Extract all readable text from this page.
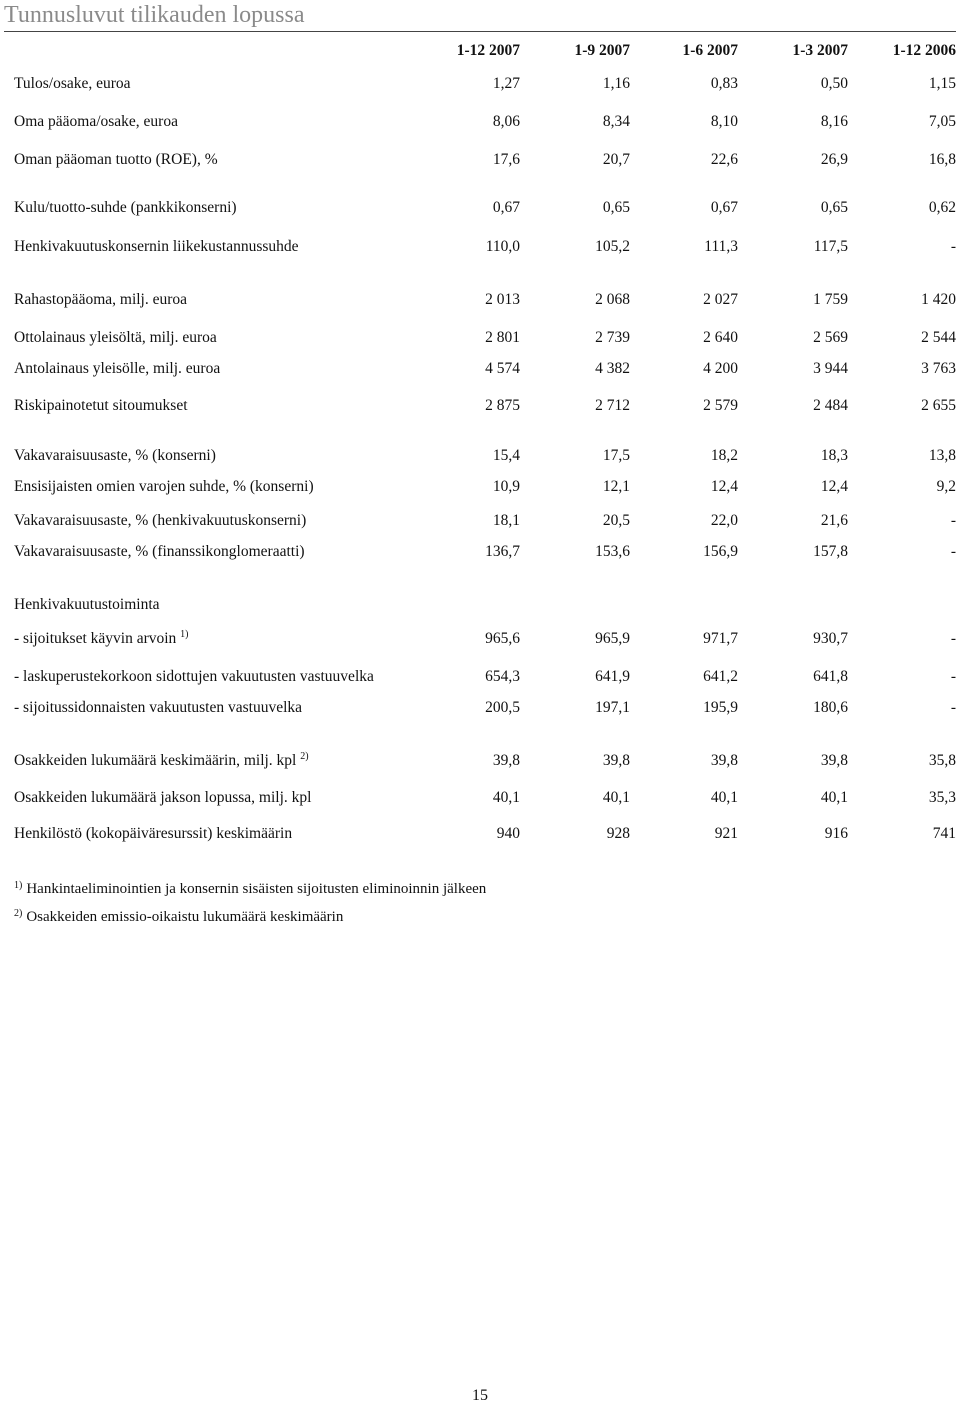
Tunnusluvut tilikauden lopussa
1-12 2007	1-9 2007	1-6 2007	1-3 2007	1-12 2006
Tulos/osake, euroa	1,27	1,16	0,83	0,50	1,15
Oma pääoma/osake, euroa	8,06	8,34	8,10	8,16	7,05
Oman pääoman tuotto (ROE), %	17,6	20,7	22,6	26,9	16,8
Kulu/tuotto-suhde (pankkikonserni)	0,67	0,65	0,67	0,65	0,62
Henkivakuutuskonsernin liikekustannussuhde	110,0	105,2	111,3	117,5	-
Rahastopääoma, milj. euroa	2 013	2 068	2 027	1 759	1 420
Ottolainaus yleisöltä, milj. euroa	2 801	2 739	2 640	2 569	2 544
Antolainaus yleisölle, milj. euroa	4 574	4 382	4 200	3 944	3 763
Riskipainotetut sitoumukset	2 875	2 712	2 579	2 484	2 655
Vakavaraisuusaste, % (konserni)	15,4	17,5	18,2	18,3	13,8
Ensisijaisten omien varojen suhde, % (konserni)	10,9	12,1	12,4	12,4	9,2
Vakavaraisuusaste, % (henkivakuutuskonserni)	18,1	20,5	22,0	21,6	-
Vakavaraisuusaste, % (finanssikonglomeraatti)	136,7	153,6	156,9	157,8	-
Henkivakuutustoiminta
- sijoitukset käyvin arvoin $^{1)}$	965,6	965,9	971,7	930,7	-
- laskuperustekorkoon sidottujen vakuutusten vastuuvelka	654,3	641,9	641,2	641,8	-
- sijoitussidonnaisten vakuutusten vastuuvelka	200,5	197,1	195,9	180,6	-
Osakkeiden lukumäärä keskimäärin, milj. kpl $^{2)}$	39,8	39,8	39,8	39,8	35,8
Osakkeiden lukumäärä jakson lopussa, milj. kpl	40,1	40,1	40,1	40,1	35,3
Henkilöstö (kokopäiväresurssit) keskimäärin	940	928	921	916	741
$^{1)}$ Hankintaeliminointien ja konsernin sisäisten sijoitusten eliminoinnin jälkeen
$^{2)}$ Osakkeiden emissio-oikaistu lukumäärä keskimäärin
15
